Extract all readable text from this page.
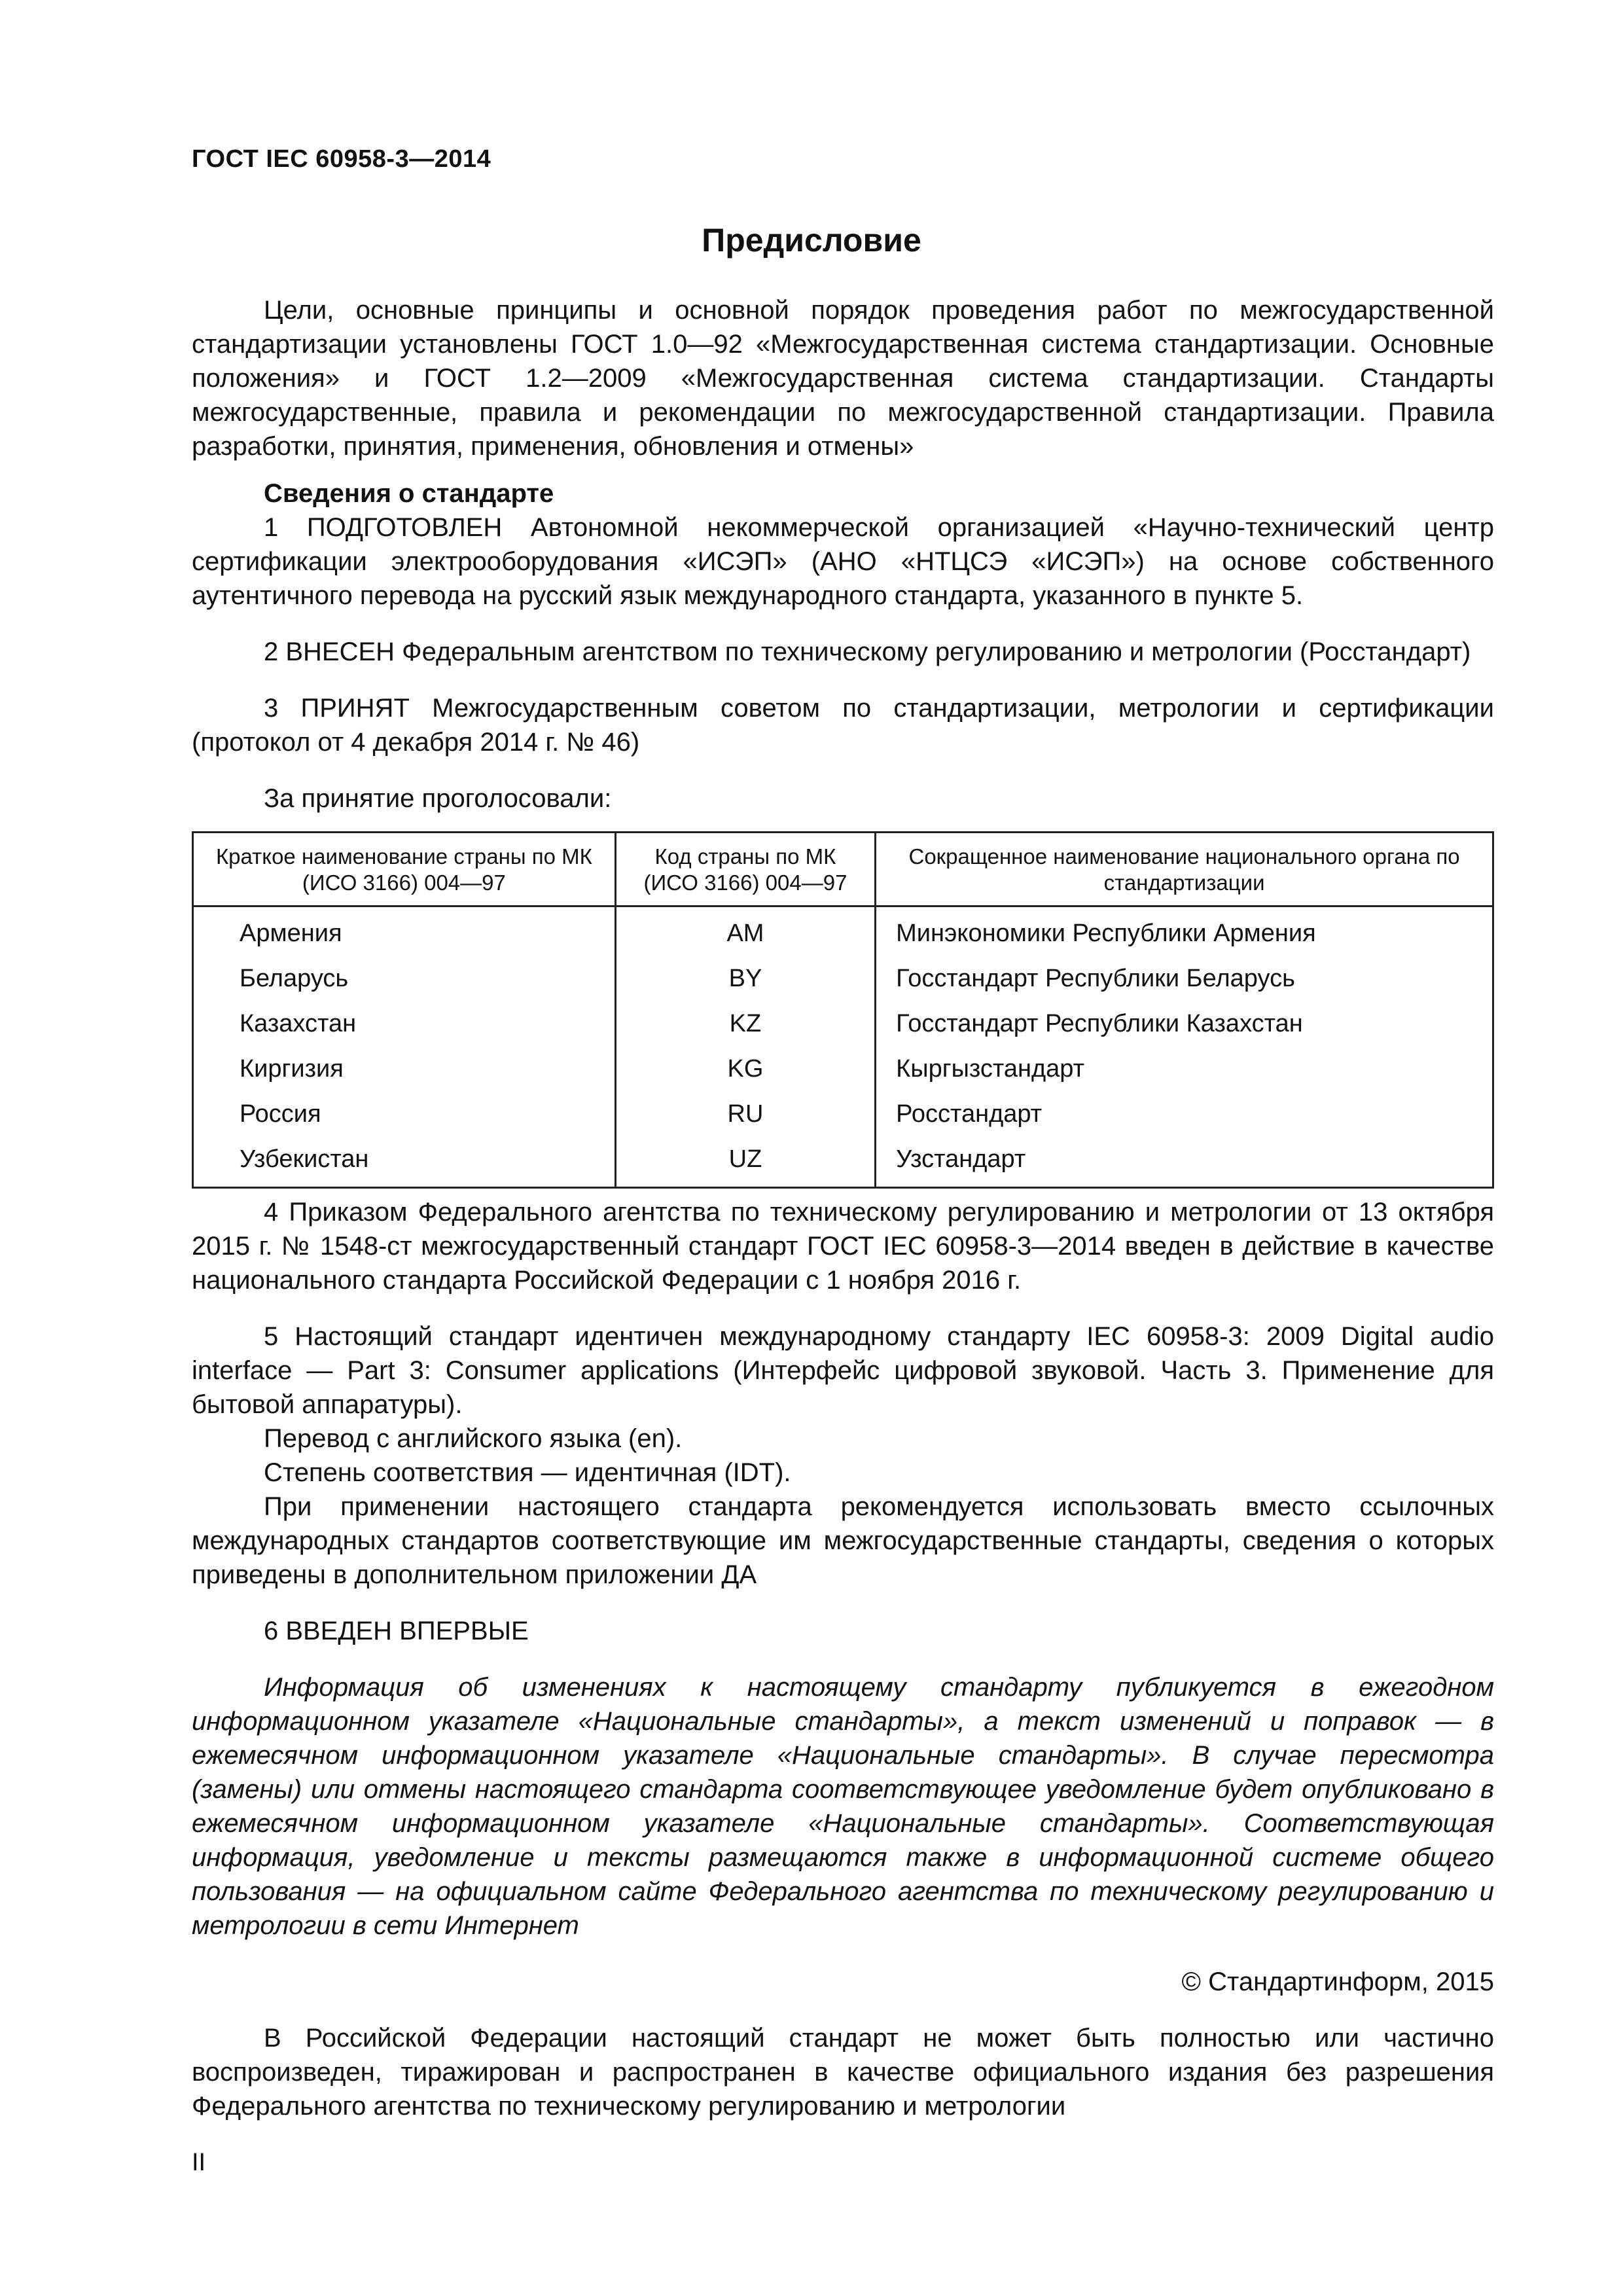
ГОСТ IEC 60958-3—2014
Предисловие

Цели, основные принципы и основной порядок проведения работ по межгосударственной стандартизации установлены ГОСТ 1.0—92 «Межгосударственная система стандартизации. Основные положения» и ГОСТ 1.2—2009 «Межгосударственная система стандартизации. Стандарты межгосударственные, правила и рекомендации по межгосударственной стандартизации. Правила разработки, принятия, применения, обновления и отмены»

Сведения о стандарте

1 ПОДГОТОВЛЕН Автономной некоммерческой организацией «Научно-технический центр сертификации электрооборудования «ИСЭП» (АНО «НТЦСЭ «ИСЭП») на основе собственного аутентичного перевода на русский язык международного стандарта, указанного в пункте 5.

2 ВНЕСЕН Федеральным агентством по техническому регулированию и метрологии (Росстандарт)

3 ПРИНЯТ Межгосударственным советом по стандартизации, метрологии и сертификации (протокол от 4 декабря 2014 г. № 46)

За принятие проголосовали:

Краткое наименование страны по МК (ИСО 3166) 004—97	Код страны по МК (ИСО 3166) 004—97	Сокращенное наименование национального органа по стандартизации
Армения	AM	Минэкономики Республики Армения
Беларусь	BY	Госстандарт Республики Беларусь
Казахстан	KZ	Госстандарт Республики Казахстан
Киргизия	KG	Кыргызстандарт
Россия	RU	Росстандарт
Узбекистан	UZ	Узстандарт

4 Приказом Федерального агентства по техническому регулированию и метрологии от 13 октября 2015 г. № 1548-ст межгосударственный стандарт ГОСТ IEC 60958-3—2014 введен в действие в качестве национального стандарта Российской Федерации с 1 ноября 2016 г.

5 Настоящий стандарт идентичен международному стандарту IEC 60958-3: 2009 Digital audio interface — Part 3: Consumer applications (Интерфейс цифровой звуковой. Часть 3. Применение для бытовой аппаратуры).

Перевод с английского языка (en).

Степень соответствия — идентичная (IDT).

При применении настоящего стандарта рекомендуется использовать вместо ссылочных международных стандартов соответствующие им межгосударственные стандарты, сведения о которых приведены в дополнительном приложении ДА

6 ВВЕДЕН ВПЕРВЫЕ

Информация об изменениях к настоящему стандарту публикуется в ежегодном информационном указателе «Национальные стандарты», а текст изменений и поправок — в ежемесячном информационном указателе «Национальные стандарты». В случае пересмотра (замены) или отмены настоящего стандарта соответствующее уведомление будет опубликовано в ежемесячном информационном указателе «Национальные стандарты». Соответствующая информация, уведомление и тексты размещаются также в информационной системе общего пользования — на официальном сайте Федерального агентства по техническому регулированию и метрологии в сети Интернет

© Стандартинформ, 2015

В Российской Федерации настоящий стандарт не может быть полностью или частично воспроизведен, тиражирован и распространен в качестве официального издания без разрешения Федерального агентства по техническому регулированию и метрологии

II
